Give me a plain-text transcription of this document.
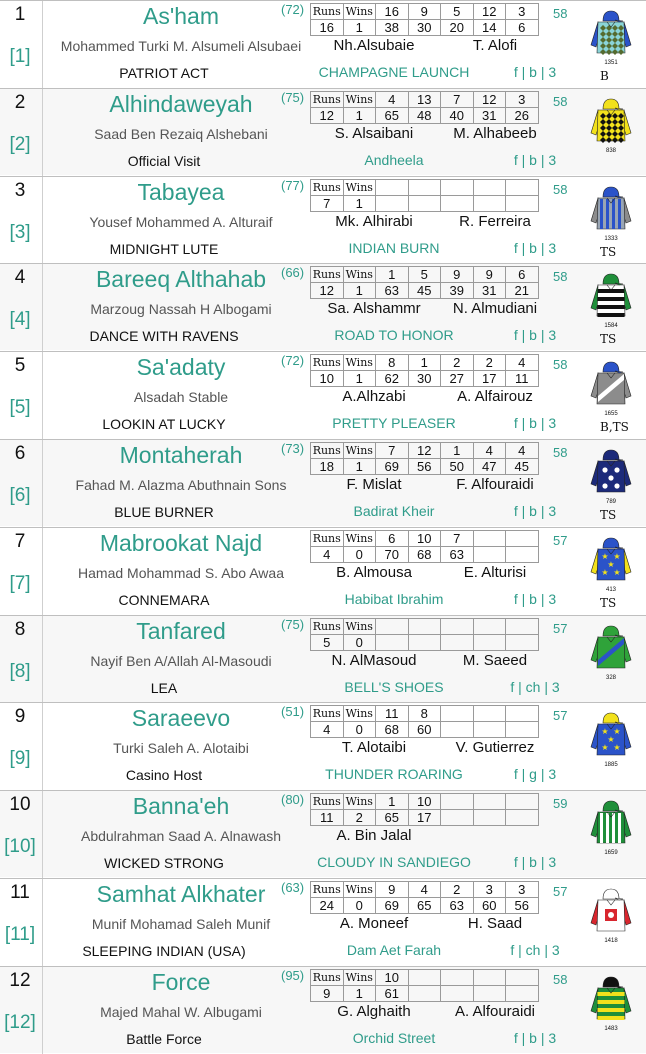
1
[1]
As'ham	(72) Runs	Wins	16	9	5	12	3
16	1	38	30	20	14	6
58
Mohammed Turki M. Alsumeli Alsubaei	Nh.Alsubaie	T. Alofi
PATRIOT ACT	CHAMPAGNE LAUNCH	f | b | 3
1351
B
2
[2]
Alhindaweyah	(75) Runs	Wins	4	13	7	12	3
12	1	65	48	40	31	26
58
Saad Ben Rezaiq Alshebani	S. Alsaibani	M. Alhabeeb
Official Visit	Andheela	f | b | 3
838
3
[3]
Tabayea	(77) Runs	Wins					
7	1					
58
Yousef Mohammed A. Alturaif	Mk. Alhirabi	R. Ferreira
MIDNIGHT LUTE	INDIAN BURN	f | b | 3
1333
TS
4
[4]
Bareeq Althahab	(66) Runs	Wins	1	5	9	9	6
12	1	63	45	39	31	21
58
Marzoug Nassah H Albogami	Sa. Alshammr	N. Almudiani
DANCE WITH RAVENS	ROAD TO HONOR	f | b | 3
1584
TS
5
[5]
Sa'adaty	(72) Runs	Wins	8	1	2	2	4
10	1	62	30	27	17	11
58
Alsadah Stable	A.Alhzabi	A. Alfairouz
LOOKIN AT LUCKY	PRETTY PLEASER	f | b | 3
1655
B,TS
6
[6]
Montaherah	(73) Runs	Wins	7	12	1	4	4
18	1	69	56	50	47	45
58
Fahad M. Alazma Abuthnain Sons	F. Mislat	F. Alfouraidi
BLUE BURNER	Badirat Kheir	f | b | 3
789
TS
7
[7]
Mabrookat Najd	Runs	Wins	6	10	7		
4	0	70	68	63		
57
Hamad Mohammad S. Abo Awaa	B. Almousa	E. Alturisi
CONNEMARA	Habibat Ibrahim	f | b | 3
★ ★
★
★ ★
413
TS
8
[8]
Tanfared	(75) Runs	Wins					
5	0					
57
Nayif Ben A/Allah Al-Masoudi	N. AlMasoud	M. Saeed
LEA	BELL'S SHOES	f | ch | 3
328
9
[9]
Saraeevo	(51) Runs	Wins	11	8			
4	0	68	60			
57
Turki Saleh A. Alotaibi	T. Alotaibi	V. Gutierrez
Casino Host	THUNDER ROARING	f | g | 3
★ ★
★
★ ★
1885
10
[10]
Banna'eh	(80) Runs	Wins	1	10			
11	2	65	17			
59
Abdulrahman Saad A. Alnawash	A. Bin Jalal
WICKED STRONG	CLOUDY IN SANDIEGO	f | b | 3
1659
11
[11]
Samhat Alkhater	(63) Runs	Wins	9	4	2	3	3
24	0	69	65	63	60	56
57
Munif Mohamad Saleh Munif	A. Moneef	H. Saad
SLEEPING INDIAN (USA)	Dam Aet Farah	f | ch | 3
1418
12
[12]
Force	(95) Runs	Wins	10				
9	1	61				
58
Majed Mahal W. Albugami	G. Alghaith	A. Alfouraidi
Battle Force	Orchid Street	f | b | 3
1483
